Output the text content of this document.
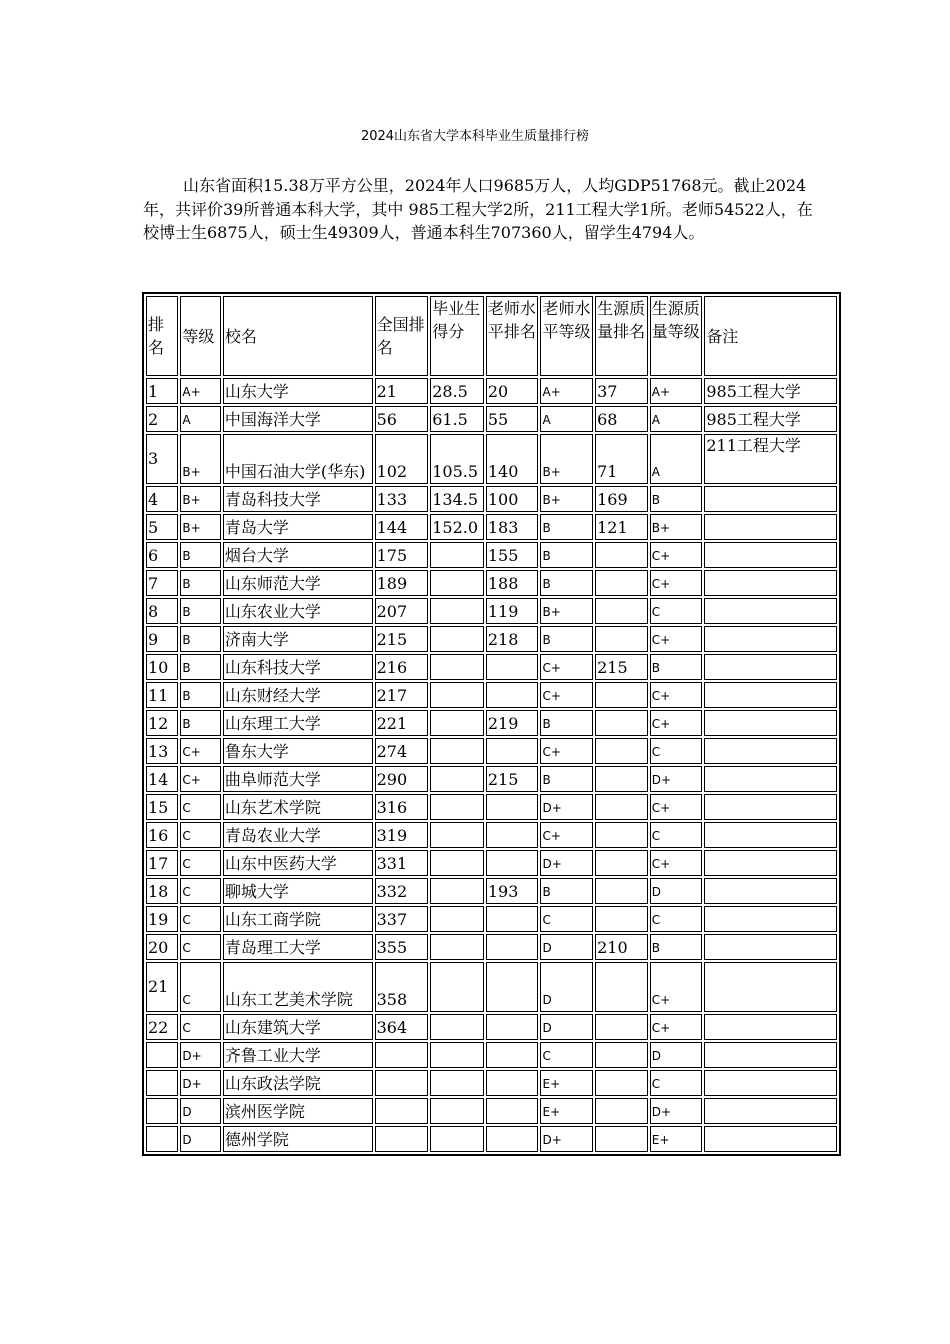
2024山东省大学本科毕业生质量排行榜

山东省面积15.38万平方公里，2024年人口9685万人，人均GDP51768元。截止2024年，共评价39所普通本科大学，其中 985工程大学2所，211工程大学1所。老师54522人，在校博士生6875人，硕士生49309人，普通本科生707360人，留学生4794人。

排名	等级	校名	全国排名	毕业生得分	老师水平排名	老师水平等级	生源质量排名	生源质量等级	备注
1	A+	山东大学	21	28.5	20	A+	37	A+	985工程大学
2	A	中国海洋大学	56	61.5	55	A	68	A	985工程大学
3	B+	中国石油大学(华东)	102	105.5	140	B+	71	A	211工程大学
4	B+	青岛科技大学	133	134.5	100	B+	169	B	
5	B+	青岛大学	144	152.0	183	B	121	B+	
6	B	烟台大学	175		155	B		C+	
7	B	山东师范大学	189		188	B		C+	
8	B	山东农业大学	207		119	B+		C	
9	B	济南大学	215		218	B		C+	
10	B	山东科技大学	216			C+	215	B	
11	B	山东财经大学	217			C+		C+	
12	B	山东理工大学	221		219	B		C+	
13	C+	鲁东大学	274			C+		C	
14	C+	曲阜师范大学	290		215	B		D+	
15	C	山东艺术学院	316			D+		C+	
16	C	青岛农业大学	319			C+		C	
17	C	山东中医药大学	331			D+		C+	
18	C	聊城大学	332		193	B		D	
19	C	山东工商学院	337			C		C	
20	C	青岛理工大学	355			D	210	B	
21	C	山东工艺美术学院	358			D		C+	
22	C	山东建筑大学	364			D		C+	
	D+	齐鲁工业大学				C		D	
	D+	山东政法学院				E+		C	
	D	滨州医学院				E+		D+	
	D	德州学院				D+		E+	
